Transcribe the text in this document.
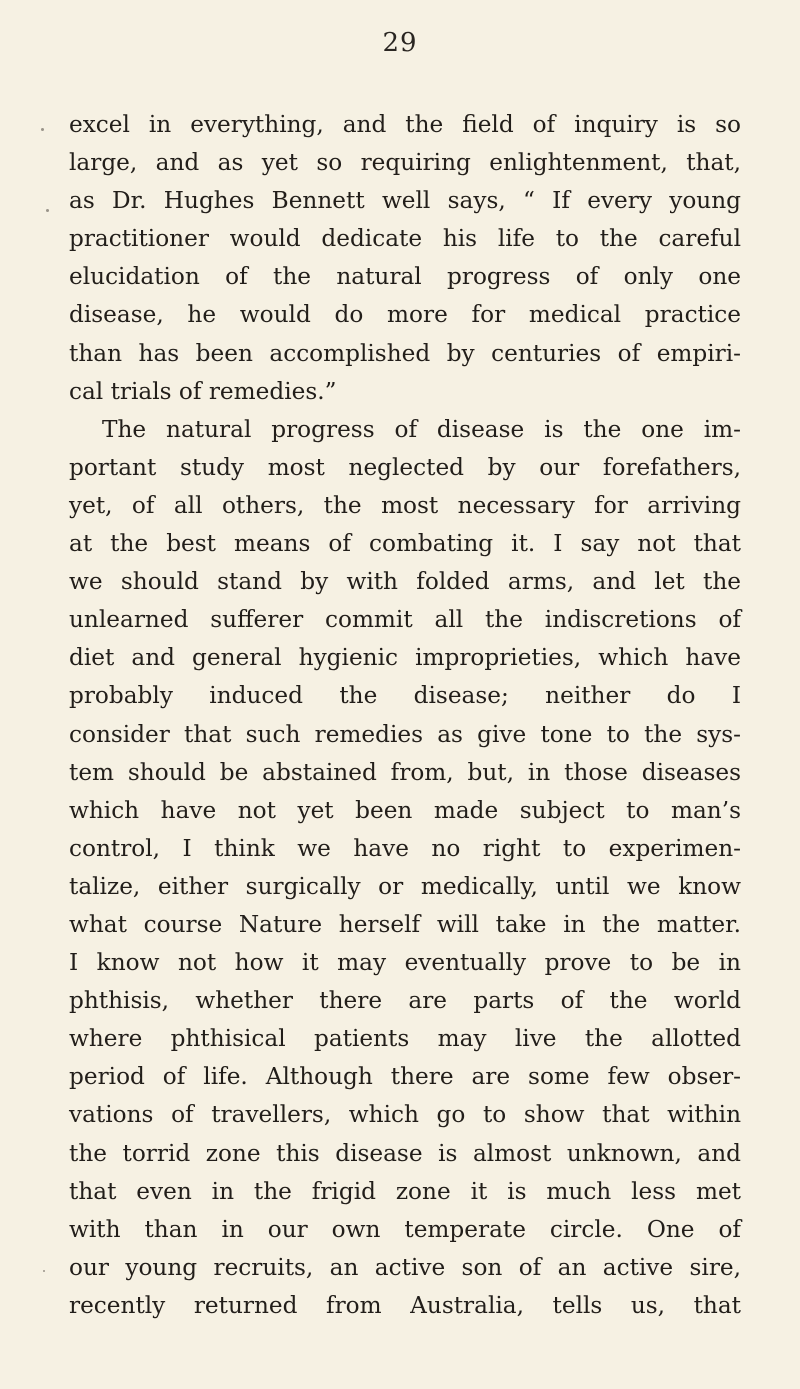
29
excel in everything, and the field of inquiry is so
large, and as yet so requiring enlightenment, that,
as Dr. Hughes Bennett well says, “ If every young
practitioner would dedicate his life to the careful
elucidation of the natural progress of only one
disease, he would do more for medical practice
than has been accomplished by centuries of empiri-
cal trials of remedies.”
The natural progress of disease is the one im-
portant study most neglected by our forefathers,
yet, of all others, the most necessary for arriving
at the best means of combating it. I say not that
we should stand by with folded arms, and let the
unlearned sufferer commit all the indiscretions of
diet and general hygienic improprieties, which have
probably induced the disease; neither do I
consider that such remedies as give tone to the sys-
tem should be abstained from, but, in those diseases
which have not yet been made subject to man’s
control, I think we have no right to experimen-
talize, either surgically or medically, until we know
what course Nature herself will take in the matter.
I know not how it may eventually prove to be in
phthisis, whether there are parts of the world
where phthisical patients may live the allotted
period of life. Although there are some few obser-
vations of travellers, which go to show that within
the torrid zone this disease is almost unknown, and
that even in the frigid zone it is much less met
with than in our own temperate circle. One of
our young recruits, an active son of an active sire,
recently returned from Australia, tells us, that
